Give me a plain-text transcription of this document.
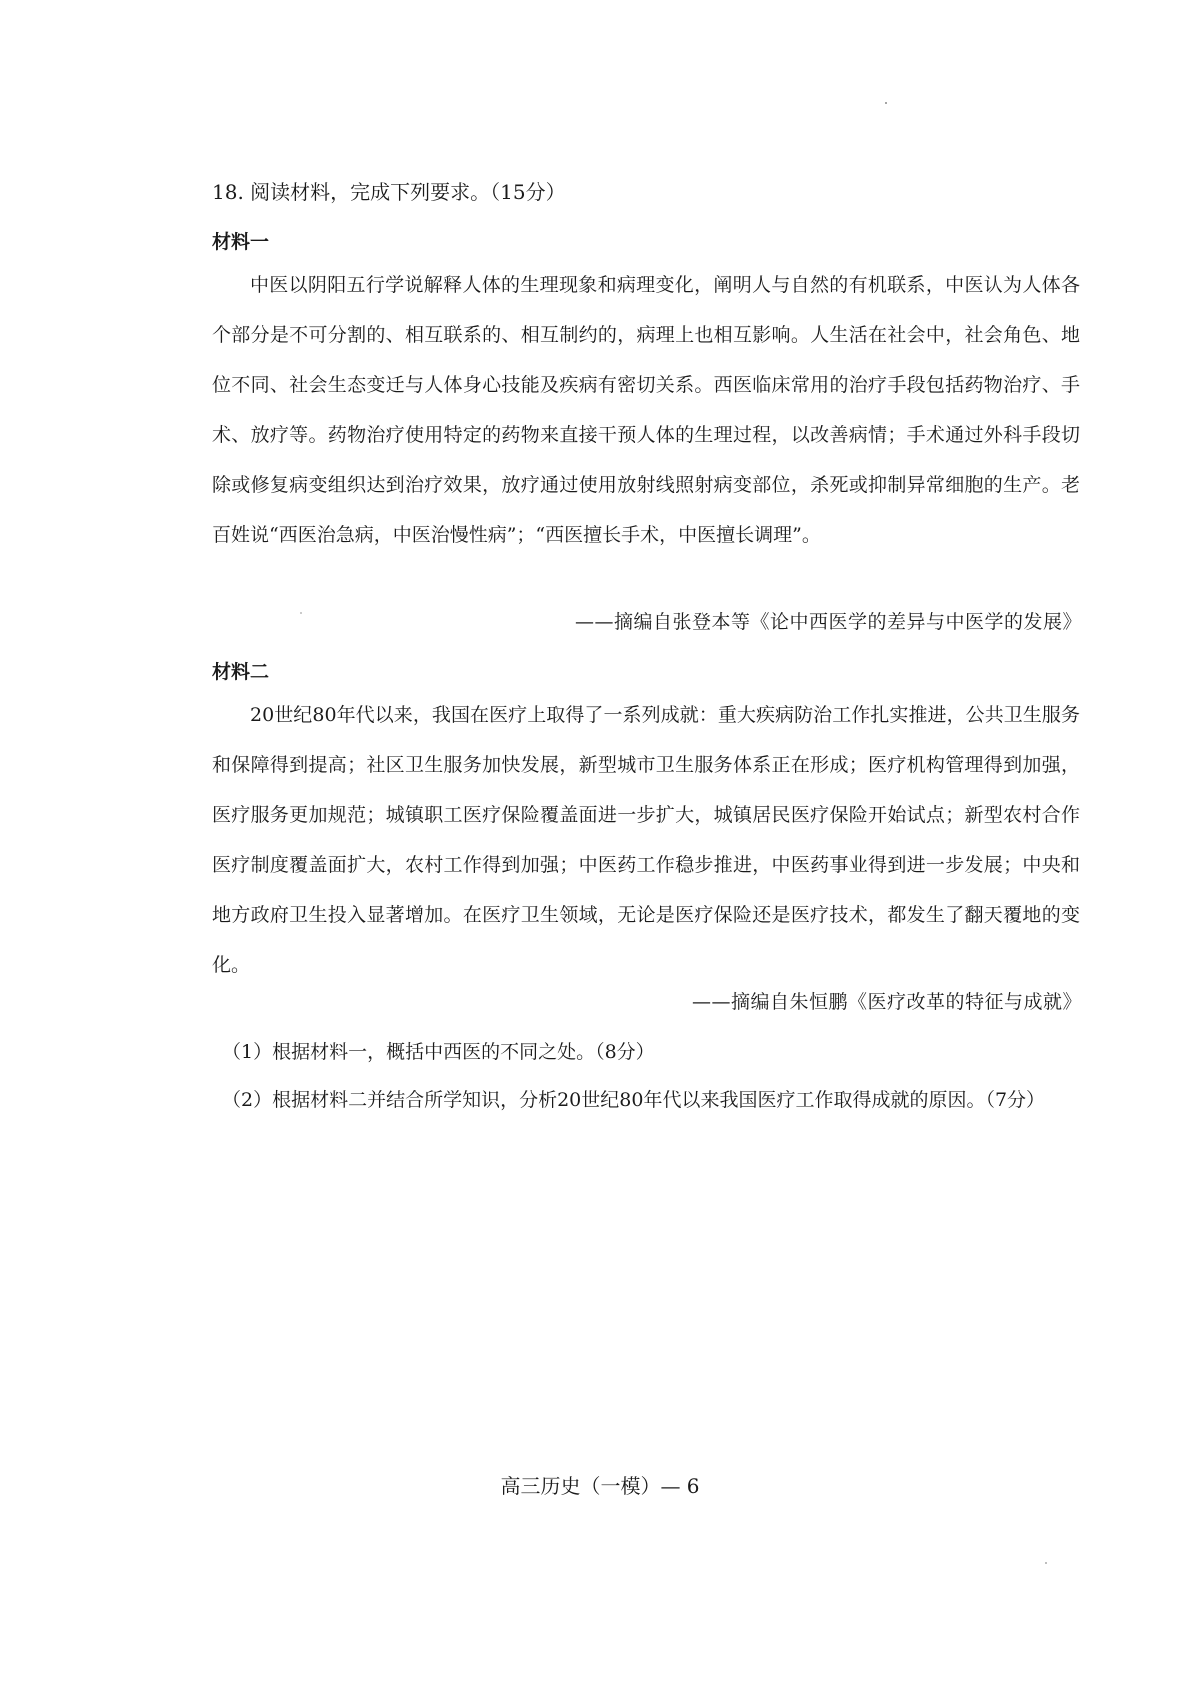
18. 阅读材料，完成下列要求。（15分）
材料一

中医以阴阳五行学说解释人体的生理现象和病理变化，阐明人与自然的有机联系，中医认为人体各个部分是不可分割的、相互联系的、相互制约的，病理上也相互影响。人生活在社会中，社会角色、地位不同、社会生态变迁与人体身心技能及疾病有密切关系。西医临床常用的治疗手段包括药物治疗、手术、放疗等。药物治疗使用特定的药物来直接干预人体的生理过程，以改善病情；手术通过外科手段切除或修复病变组织达到治疗效果，放疗通过使用放射线照射病变部位，杀死或抑制异常细胞的生产。老百姓说“西医治急病，中医治慢性病”；“西医擅长手术，中医擅长调理”。

——摘编自张登本等《论中西医学的差异与中医学的发展》
材料二

20世纪80年代以来，我国在医疗上取得了一系列成就：重大疾病防治工作扎实推进，公共卫生服务和保障得到提高；社区卫生服务加快发展，新型城市卫生服务体系正在形成；医疗机构管理得到加强，医疗服务更加规范；城镇职工医疗保险覆盖面进一步扩大，城镇居民医疗保险开始试点；新型农村合作医疗制度覆盖面扩大，农村工作得到加强；中医药工作稳步推进，中医药事业得到进一步发展；中央和地方政府卫生投入显著增加。在医疗卫生领域，无论是医疗保险还是医疗技术，都发生了翻天覆地的变化。

——摘编自朱恒鹏《医疗改革的特征与成就》
（1）根据材料一，概括中西医的不同之处。（8分）
（2）根据材料二并结合所学知识，分析20世纪80年代以来我国医疗工作取得成就的原因。（7分）
高三历史（一模）— 6
